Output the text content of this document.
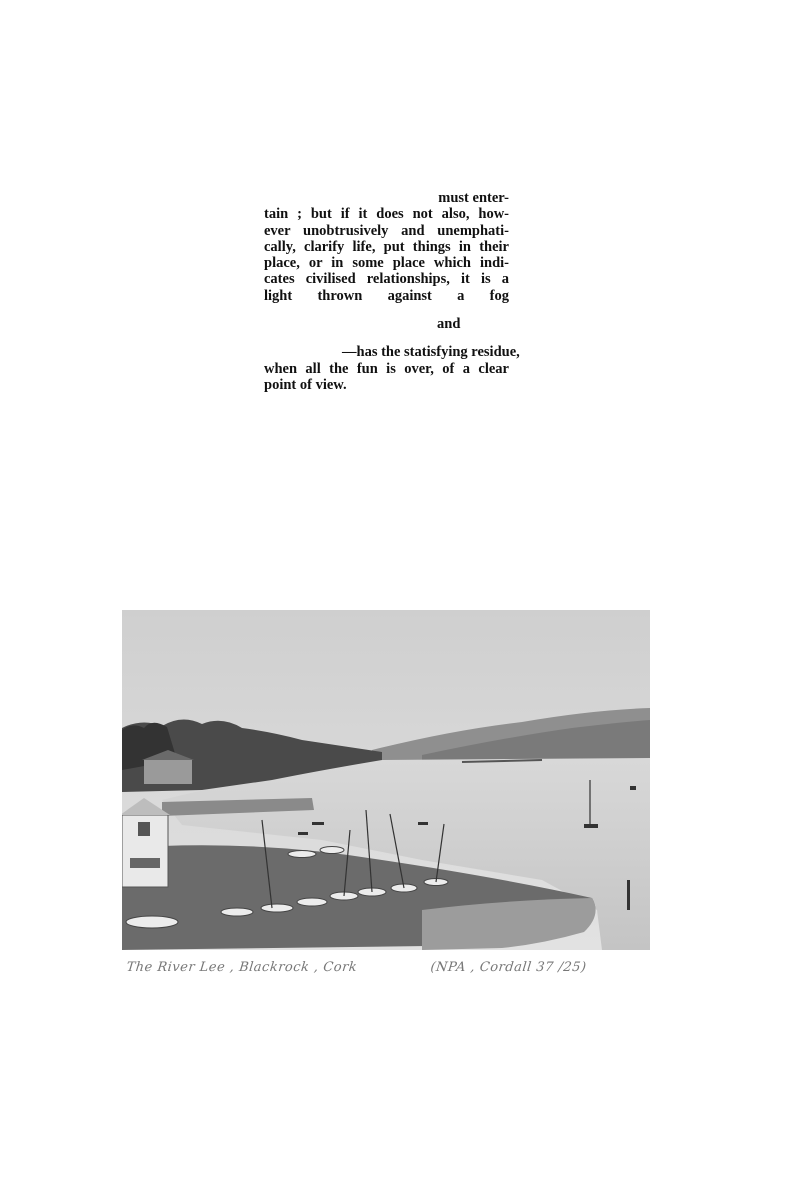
must enter-
tain ; but if it does not also, how-
ever unobtrusively and unemphati-
cally, clarify life, put things in their
place, or in some place which indi-
cates civilised relationships, it is a
light thrown against a fog
and
—has the statisfying residue,
when all the fun is over, of a clear
point of view.
The River Lee , Blackrock , Cork	(NPA , Cordall 37 /25)
